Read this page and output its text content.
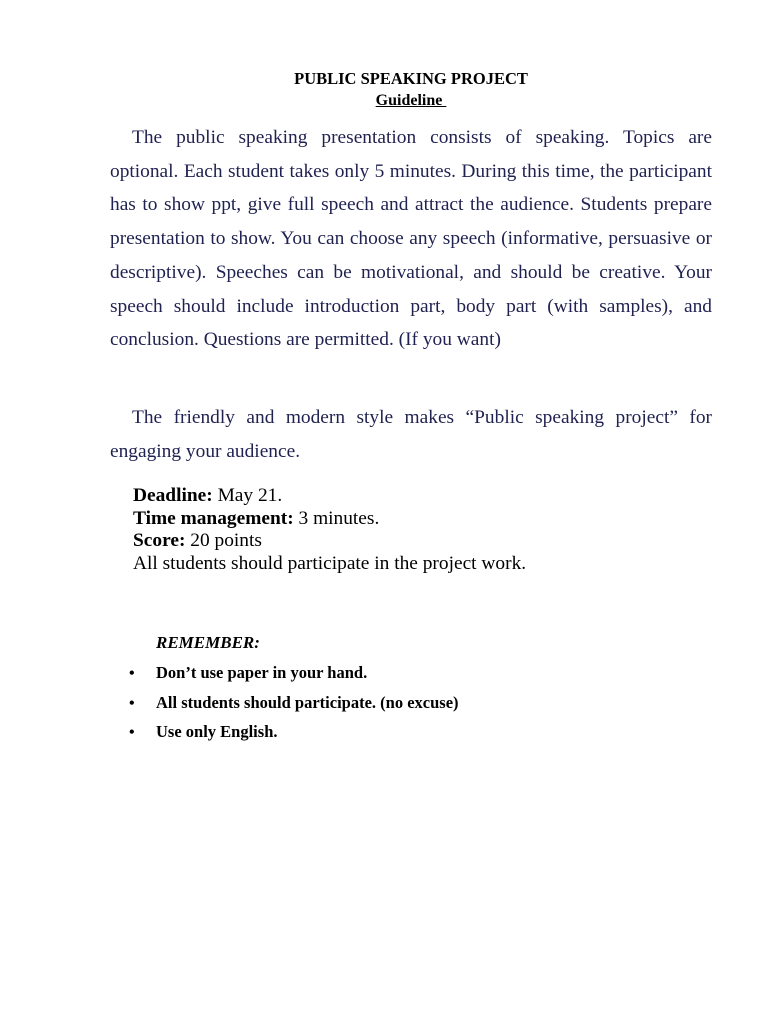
PUBLIC SPEAKING PROJECT
Guideline

The public speaking presentation consists of speaking. Topics are optional. Each student takes only 5 minutes. During this time, the participant has to show ppt, give full speech and attract the audience. Students prepare presentation to show. You can choose any speech (informative, persuasive or descriptive). Speeches can be motivational, and should be creative. Your speech should include introduction part, body part (with samples), and conclusion. Questions are permitted. (If you want)

The friendly and modern style makes “Public speaking project” for engaging your audience.

Deadline: May 21.
Time management: 3 minutes.
Score: 20 points
All students should participate in the project work.
REMEMBER:
• Don’t use paper in your hand.
• All students should participate. (no excuse)
• Use only English.
